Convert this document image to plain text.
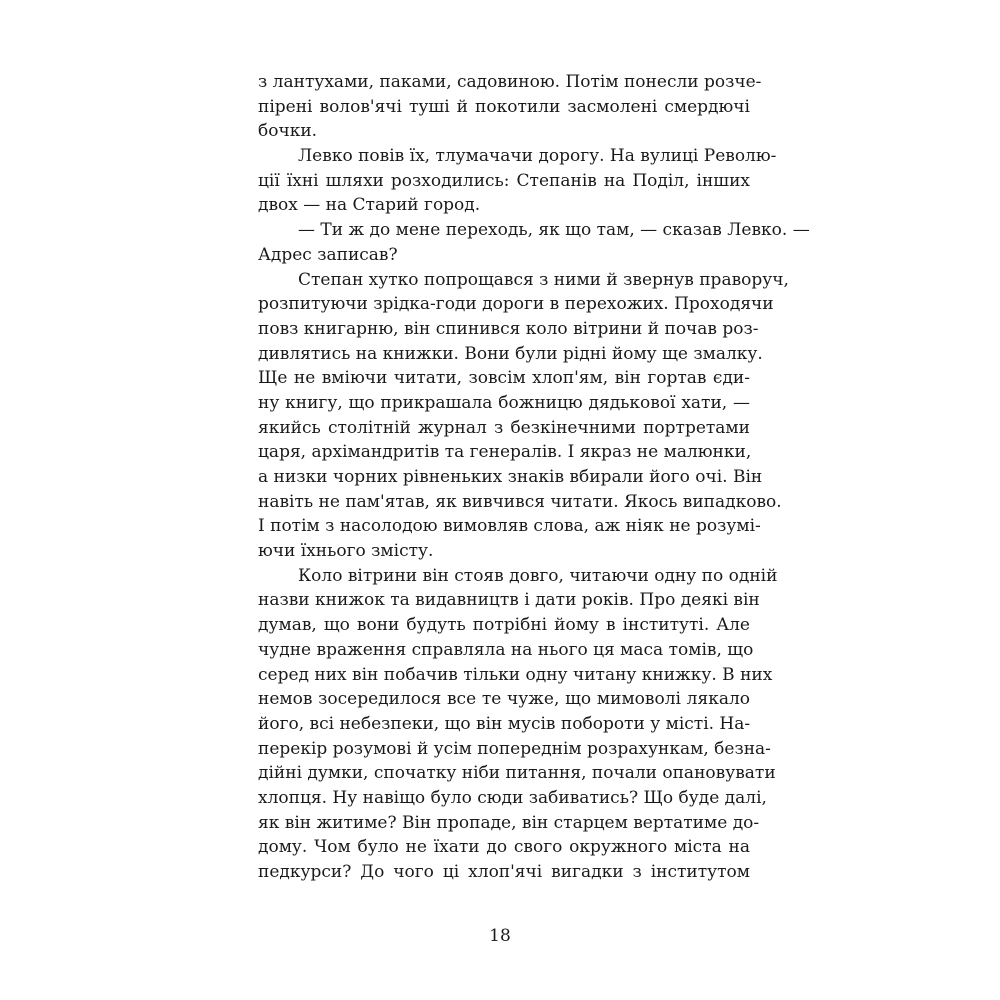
з лантухами, паками, садовиною. Потім понесли розче-
пірені волов'ячі туші й покотили засмолені смердючі
бочки.
Левко повів їх, тлумачачи дорогу. На вулиці Револю-
ції їхні шляхи розходились: Степанів на Поділ, інших
двох — на Старий город.
— Ти ж до мене переходь, як що там, — сказав Левко. —
Адрес записав?
Степан хутко попрощався з ними й звернув праворуч,
розпитуючи зрідка-годи дороги в перехожих. Проходячи
повз книгарню, він спинився коло вітрини й почав роз-
дивлятись на книжки. Вони були рідні йому ще змалку.
Ще не вміючи читати, зовсім хлоп'ям, він гортав єди-
ну книгу, що прикрашала божницю дядькової хати, —
якийсь столітній журнал з безкінечними портретами
царя, архімандритів та генералів. І якраз не малюнки,
а низки чорних рівненьких знаків вбирали його очі. Він
навіть не пам'ятав, як вивчився читати. Якось випадково.
І потім з насолодою вимовляв слова, аж ніяк не розумі-
ючи їхнього змісту.
Коло вітрини він стояв довго, читаючи одну по одній
назви книжок та видавництв і дати років. Про деякі він
думав, що вони будуть потрібні йому в інституті. Але
чудне враження справляла на нього ця маса томів, що
серед них він побачив тільки одну читану книжку. В них
немов зосередилося все те чуже, що мимоволі лякало
його, всі небезпеки, що він мусів побороти у місті. На-
перекір розумові й усім попереднім розрахункам, безна-
дійні думки, спочатку ніби питання, почали опановувати
хлопця. Ну навіщо було сюди забиватись? Що буде далі,
як він житиме? Він пропаде, він старцем вертатиме до-
дому. Чом було не їхати до свого окружного міста на
педкурси? До чого ці хлоп'ячі вигадки з інститутом
18
